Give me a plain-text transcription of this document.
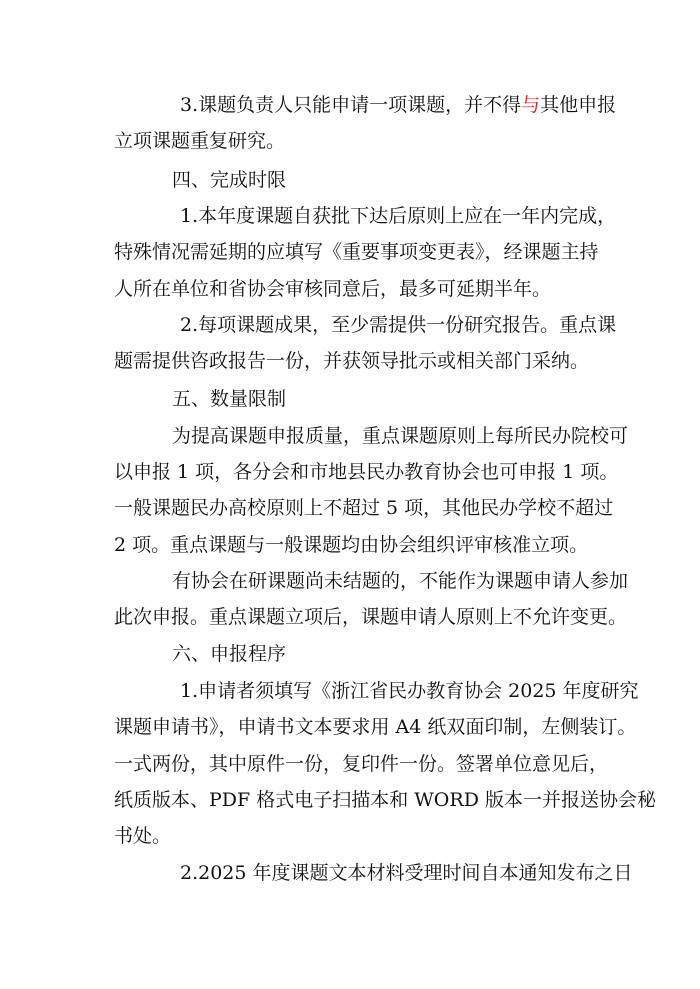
3.课题负责人只能申请一项课题，并不得与其他申报
立项课题重复研究。
四、完成时限
1.本年度课题自获批下达后原则上应在一年内完成，
特殊情况需延期的应填写《重要事项变更表》，经课题主持
人所在单位和省协会审核同意后，最多可延期半年。
2.每项课题成果，至少需提供一份研究报告。重点课
题需提供咨政报告一份，并获领导批示或相关部门采纳。
五、数量限制
为提高课题申报质量，重点课题原则上每所民办院校可
以申报 1 项，各分会和市地县民办教育协会也可申报 1 项。
一般课题民办高校原则上不超过 5 项，其他民办学校不超过
2 项。重点课题与一般课题均由协会组织评审核准立项。
有协会在研课题尚未结题的，不能作为课题申请人参加
此次申报。重点课题立项后，课题申请人原则上不允许变更。
六、申报程序
1.申请者须填写《浙江省民办教育协会 2025 年度研究
课题申请书》，申请书文本要求用 A4 纸双面印制，左侧装订。
一式两份，其中原件一份，复印件一份。签署单位意见后，
纸质版本、PDF 格式电子扫描本和 WORD 版本一并报送协会秘
书处。
2.2025 年度课题文本材料受理时间自本通知发布之日
